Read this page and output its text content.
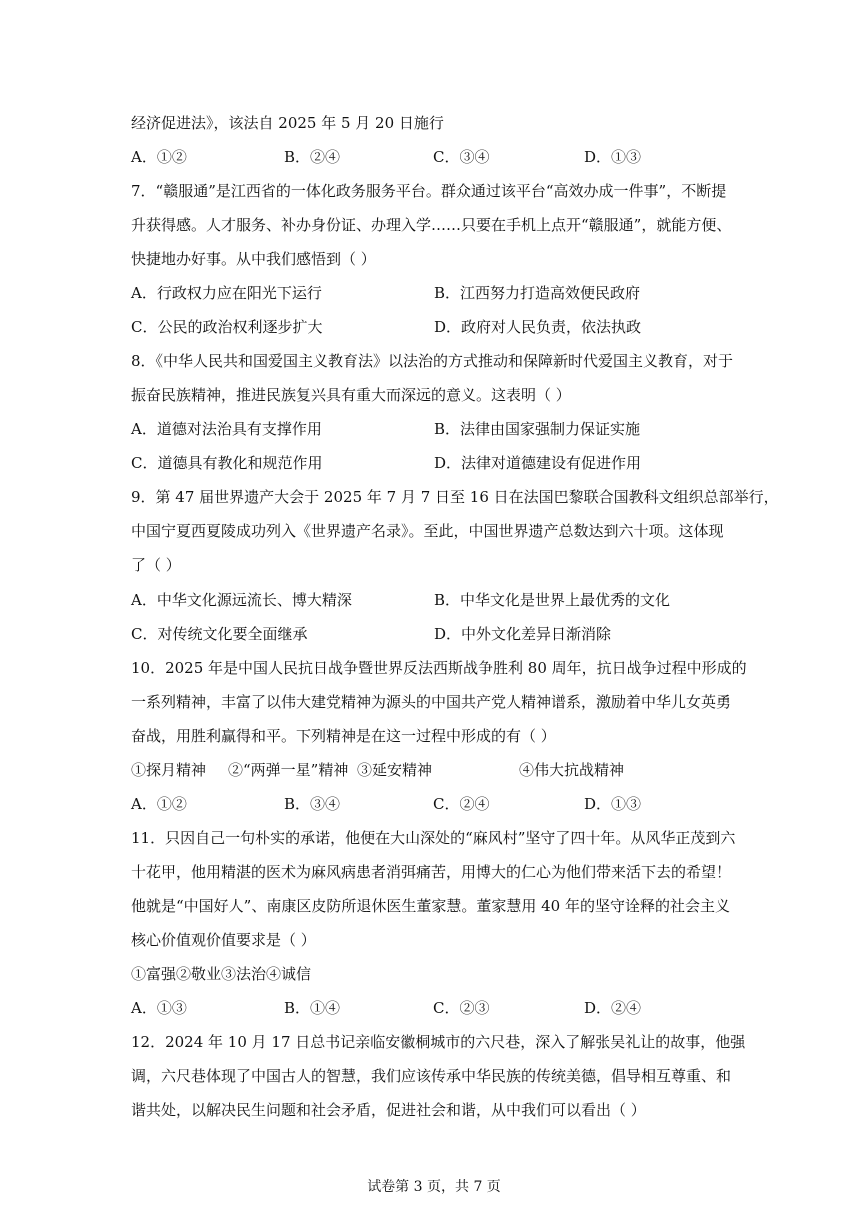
经济促进法》，该法自 2025 年 5 月 20 日施行
A．①②	B．②④	C．③④	D．①③
7．“赣服通”是江西省的一体化政务服务平台。群众通过该平台“高效办成一件事”，不断提
升获得感。人才服务、补办身份证、办理入学……只要在手机上点开“赣服通”，就能方便、
快捷地办好事。从中我们感悟到（ ）
A．行政权力应在阳光下运行	B．江西努力打造高效便民政府
C．公民的政治权利逐步扩大	D．政府对人民负责，依法执政
8．《中华人民共和国爱国主义教育法》以法治的方式推动和保障新时代爱国主义教育，对于
振奋民族精神，推进民族复兴具有重大而深远的意义。这表明（ ）
A．道德对法治具有支撑作用	B．法律由国家强制力保证实施
C．道德具有教化和规范作用	D．法律对道德建设有促进作用
9．第 47 届世界遗产大会于 2025 年 7 月 7 日至 16 日在法国巴黎联合国教科文组织总部举行，
中国宁夏西夏陵成功列入《世界遗产名录》。至此，中国世界遗产总数达到六十项。这体现
了（ ）
A．中华文化源远流长、博大精深	B．中华文化是世界上最优秀的文化
C．对传统文化要全面继承	D．中外文化差异日渐消除
10．2025 年是中国人民抗日战争暨世界反法西斯战争胜利 80 周年，抗日战争过程中形成的
一系列精神，丰富了以伟大建党精神为源头的中国共产党人精神谱系，激励着中华儿女英勇
奋战，用胜利赢得和平。下列精神是在这一过程中形成的有（ ）
①探月精神 ②“两弹一星”精神 ③延安精神	④伟大抗战精神
A．①②	B．③④	C．②④	D．①③
11．只因自己一句朴实的承诺，他便在大山深处的“麻风村”坚守了四十年。从风华正茂到六
十花甲，他用精湛的医术为麻风病患者消弭痛苦，用博大的仁心为他们带来活下去的希望！
他就是“中国好人”、南康区皮防所退休医生董家慧。董家慧用 40 年的坚守诠释的社会主义
核心价值观价值要求是（ ）
①富强②敬业③法治④诚信
A．①③	B．①④	C．②③	D．②④
12．2024 年 10 月 17 日总书记亲临安徽桐城市的六尺巷，深入了解张吴礼让的故事，他强
调，六尺巷体现了中国古人的智慧，我们应该传承中华民族的传统美德，倡导相互尊重、和
谐共处，以解决民生问题和社会矛盾，促进社会和谐，从中我们可以看出（ ）
试卷第 3 页，共 7 页
